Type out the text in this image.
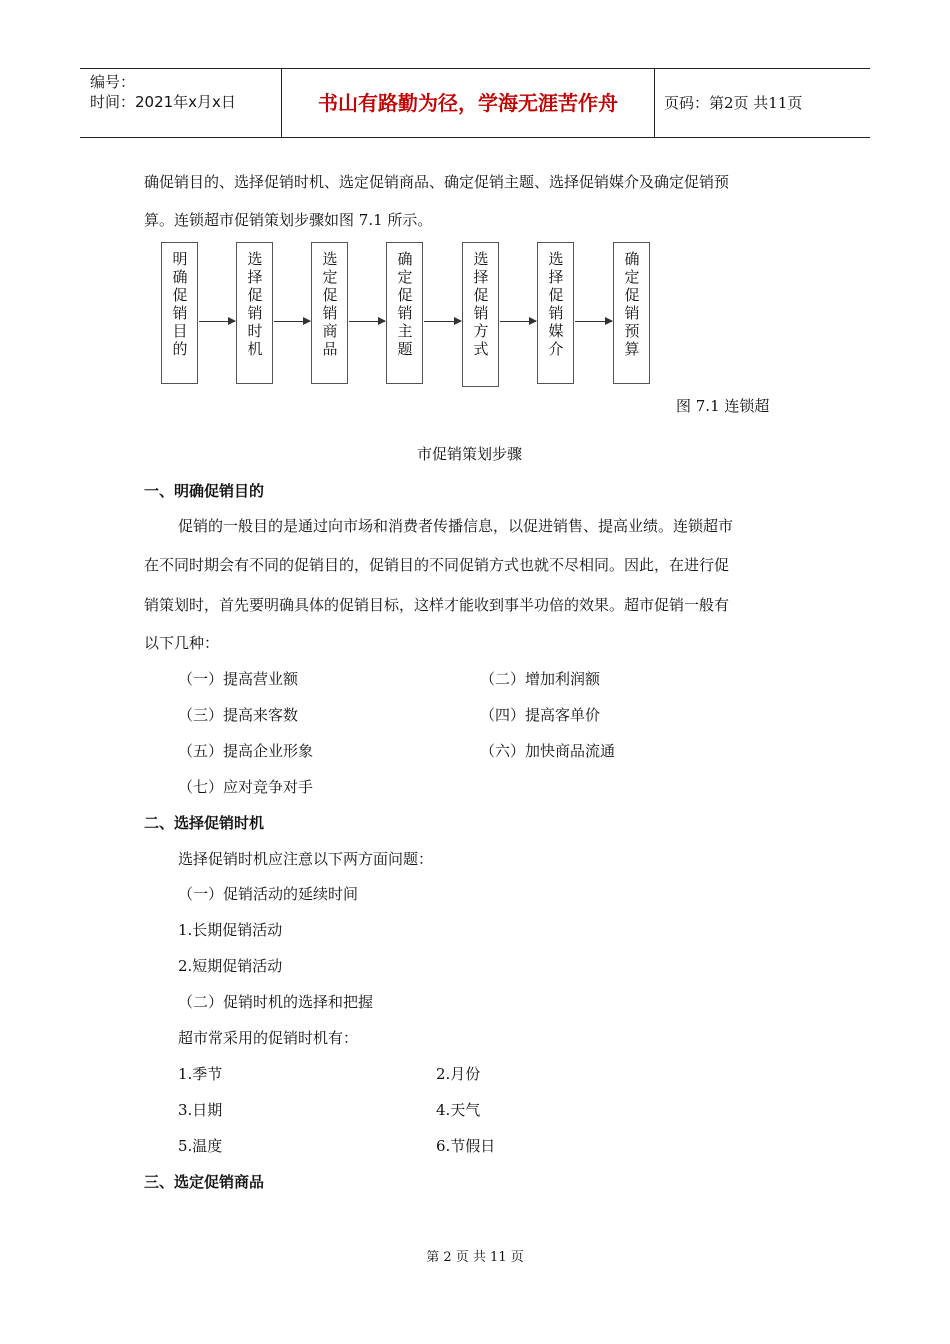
编号：
时间：2021年x月x日	书山有路勤为径，学海无涯苦作舟	页码：第2页 共11页
确促销目的、选择促销时机、选定促销商品、确定促销主题、选择促销媒介及确定促销预
算。连锁超市促销策划步骤如图 7.1 所示。
明确促销目的	选择促销时机	选定促销商品	确定促销主题	选择促销方式	选择促销媒介	确定促销预算
图 7.1 连锁超
市促销策划步骤
一、明确促销目的
促销的一般目的是通过向市场和消费者传播信息，以促进销售、提高业绩。连锁超市
在不同时期会有不同的促销目的，促销目的不同促销方式也就不尽相同。因此，在进行促
销策划时，首先要明确具体的促销目标，这样才能收到事半功倍的效果。超市促销一般有
以下几种：
（一）提高营业额	（二）增加利润额
（三）提高来客数	（四）提高客单价
（五）提高企业形象	（六）加快商品流通
（七）应对竞争对手
二、选择促销时机
选择促销时机应注意以下两方面问题：
（一）促销活动的延续时间
1.长期促销活动
2.短期促销活动
（二）促销时机的选择和把握
超市常采用的促销时机有：
1.季节	2.月份
3.日期	4.天气
5.温度	6.节假日
三、选定促销商品
第 2 页 共 11 页
